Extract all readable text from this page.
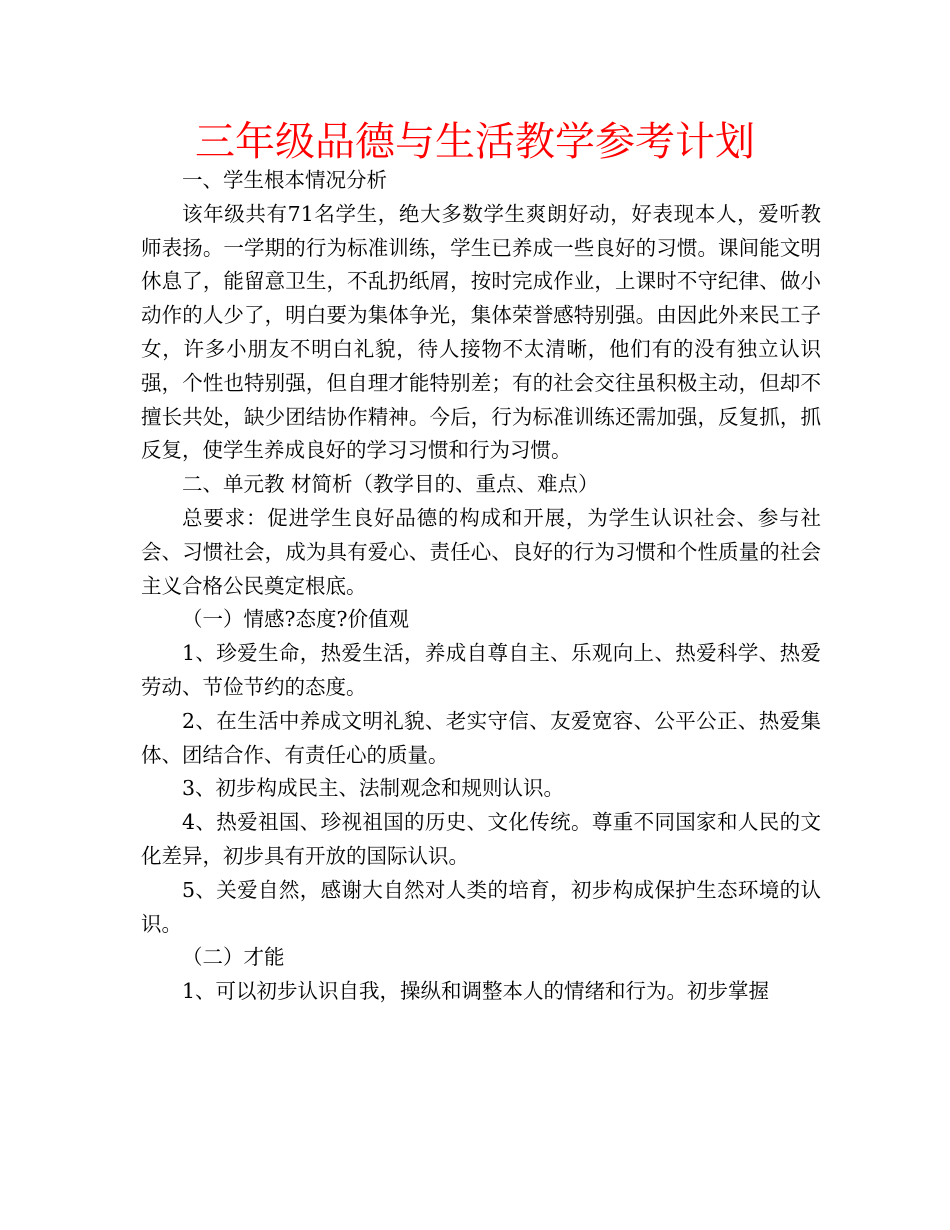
三年级品德与生活教学参考计划

一、学生根本情况分析

该年级共有71名学生，绝大多数学生爽朗好动，好表现本人，爱听教师表扬。一学期的行为标准训练，学生已养成一些良好的习惯。课间能文明休息了，能留意卫生，不乱扔纸屑，按时完成作业，上课时不守纪律、做小动作的人少了，明白要为集体争光，集体荣誉感特别强。由因此外来民工子女，许多小朋友不明白礼貌，待人接物不太清晰，他们有的没有独立认识强，个性也特别强，但自理才能特别差；有的社会交往虽积极主动，但却不擅长共处，缺少团结协作精神。今后，行为标准训练还需加强，反复抓，抓反复，使学生养成良好的学习习惯和行为习惯。

二、单元教 材简析（教学目的、重点、难点）

总要求：促进学生良好品德的构成和开展，为学生认识社会、参与社会、习惯社会，成为具有爱心、责任心、良好的行为习惯和个性质量的社会主义合格公民奠定根底。

（一）情感?态度?价值观

1、珍爱生命，热爱生活，养成自尊自主、乐观向上、热爱科学、热爱劳动、节俭节约的态度。

2、在生活中养成文明礼貌、老实守信、友爱宽容、公平公正、热爱集体、团结合作、有责任心的质量。

3、初步构成民主、法制观念和规则认识。

4、热爱祖国、珍视祖国的历史、文化传统。尊重不同国家和人民的文化差异，初步具有开放的国际认识。

5、关爱自然，感谢大自然对人类的培育，初步构成保护生态环境的认识。

（二）才能

1、可以初步认识自我，操纵和调整本人的情绪和行为。初步掌握
